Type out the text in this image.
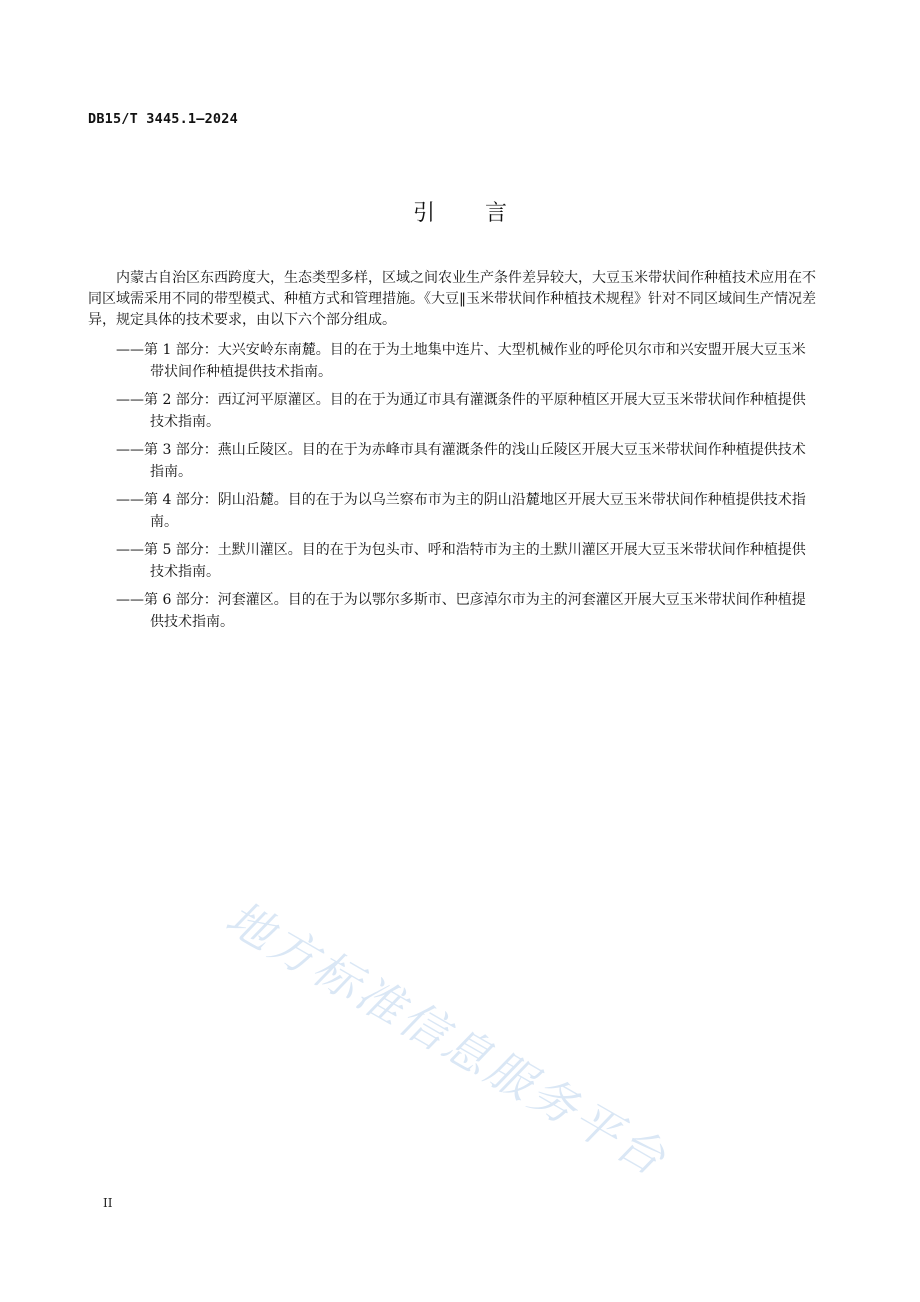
DB15/T 3445.1—2024
引言

内蒙古自治区东西跨度大，生态类型多样，区域之间农业生产条件差异较大，大豆玉米带状间作种植技术应用在不同区域需采用不同的带型模式、种植方式和管理措施。《大豆‖玉米带状间作种植技术规程》针对不同区域间生产情况差异，规定具体的技术要求，由以下六个部分组成。

——第 1 部分：大兴安岭东南麓。目的在于为土地集中连片、大型机械作业的呼伦贝尔市和兴安盟开展大豆玉米带状间作种植提供技术指南。
——第 2 部分：西辽河平原灌区。目的在于为通辽市具有灌溉条件的平原种植区开展大豆玉米带状间作种植提供技术指南。
——第 3 部分：燕山丘陵区。目的在于为赤峰市具有灌溉条件的浅山丘陵区开展大豆玉米带状间作种植提供技术指南。
——第 4 部分：阴山沿麓。目的在于为以乌兰察布市为主的阴山沿麓地区开展大豆玉米带状间作种植提供技术指南。
——第 5 部分：土默川灌区。目的在于为包头市、呼和浩特市为主的土默川灌区开展大豆玉米带状间作种植提供技术指南。
——第 6 部分：河套灌区。目的在于为以鄂尔多斯市、巴彦淖尔市为主的河套灌区开展大豆玉米带状间作种植提供技术指南。
地方标准信息服务平台
II
